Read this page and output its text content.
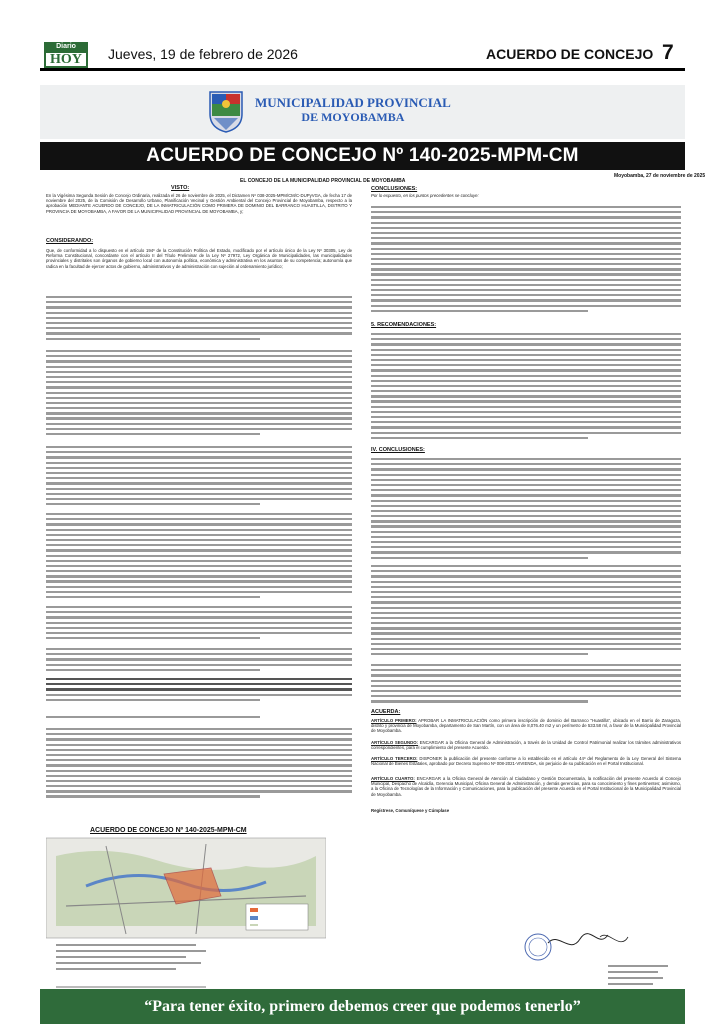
Diario
HOY	Jueves, 19 de febrero de 2026	ACUERDO DE CONCEJO 7
MUNICIPALIDAD PROVINCIAL
DE MOYOBAMBA
ACUERDO DE CONCEJO Nº 140-2025-MPM-CM
EL CONCEJO DE LA MUNICIPALIDAD PROVINCIAL DE MOYOBAMBA
Moyobamba, 27 de noviembre de 2025
VISTO:
En la Vigésima Segunda Sesión de Concejo Ordinaria, realizada el 26 de noviembre de 2025, el Dictamen Nº 038-2025-MPM/CM/C-DUPyVGA, de fecha 17 de noviembre del 2025, de la Comisión de Desarrollo Urbano, Planificación Vecinal y Gestión Ambiental del Concejo Provincial de Moyobamba, respecto a la aprobación MEDIANTE ACUERDO DE CONCEJO, DE LA INMATRICULACIÓN COMO PRIMERA DE DOMINIO DEL BARRANCO HUASTILLA, DISTRITO Y PROVINCIA DE MOYOBAMBA, A FAVOR DE LA MUNICIPALIDAD PROVINCIAL DE MOYOBAMBA, y;
CONSIDERANDO:
Que, de conformidad a lo dispuesto en el artículo 194º de la Constitución Política del Estado, modificado por el artículo único de la Ley Nº 30305, Ley de Reforma Constitucional, concordante con el artículo II del Título Preliminar de la Ley Nº 27972, Ley Orgánica de Municipalidades, las municipalidades provinciales y distritales son órganos de gobierno local con autonomía política, económica y administrativa en los asuntos de su competencia; autonomía que radica en la facultad de ejercer actos de gobierno, administrativos y de administración con sujeción al ordenamiento jurídico;
ACUERDO DE CONCEJO Nº 140-2025-MPM-CM
CONCLUSIONES:
Por lo expuesto, en los puntos precedentes se concluye:
5. RECOMENDACIONES:
IV. CONCLUSIONES:
ACUERDA:
ARTÍCULO PRIMERO: APROBAR LA INMATRICULACIÓN como primera inscripción de dominio del Barranco "Huastilla", ubicado en el Barrio de Zaragoza, distrito y provincia de Moyobamba, departamento de San Martín, con un área de 8,076.40 m2 y un perímetro de 533.58 ml, a favor de la Municipalidad Provincial de Moyobamba.
ARTÍCULO SEGUNDO: ENCARGAR a la Oficina General de Administración, a través de la Unidad de Control Patrimonial realizar los trámites administrativos correspondientes, para el cumplimiento del presente Acuerdo.
ARTÍCULO TERCERO: DISPONER la publicación del presente conforme a lo establecido en el artículo 44º del Reglamento de la Ley General del Sistema Nacional de Bienes Estatales, aprobado por Decreto Supremo Nº 008-2021-VIVIENDA, sin perjuicio de su publicación en el Portal Institucional.
ARTÍCULO CUARTO: ENCARGAR a la Oficina General de Atención al Ciudadano y Gestión Documentaria, la notificación del presente Acuerdo al Concejo Municipal, Despacho de Alcaldía, Gerencia Municipal, Oficina General de Administración, y demás gerencias, para su conocimiento y fines pertinentes; asimismo, a la Oficina de Tecnologías de la Información y Comunicaciones, para la publicación del presente Acuerdo en el Portal Institucional de la Municipalidad Provincial de Moyobamba.
Regístrese, Comuníquese y Cúmplase
“Para tener éxito, primero debemos creer que podemos tenerlo”
